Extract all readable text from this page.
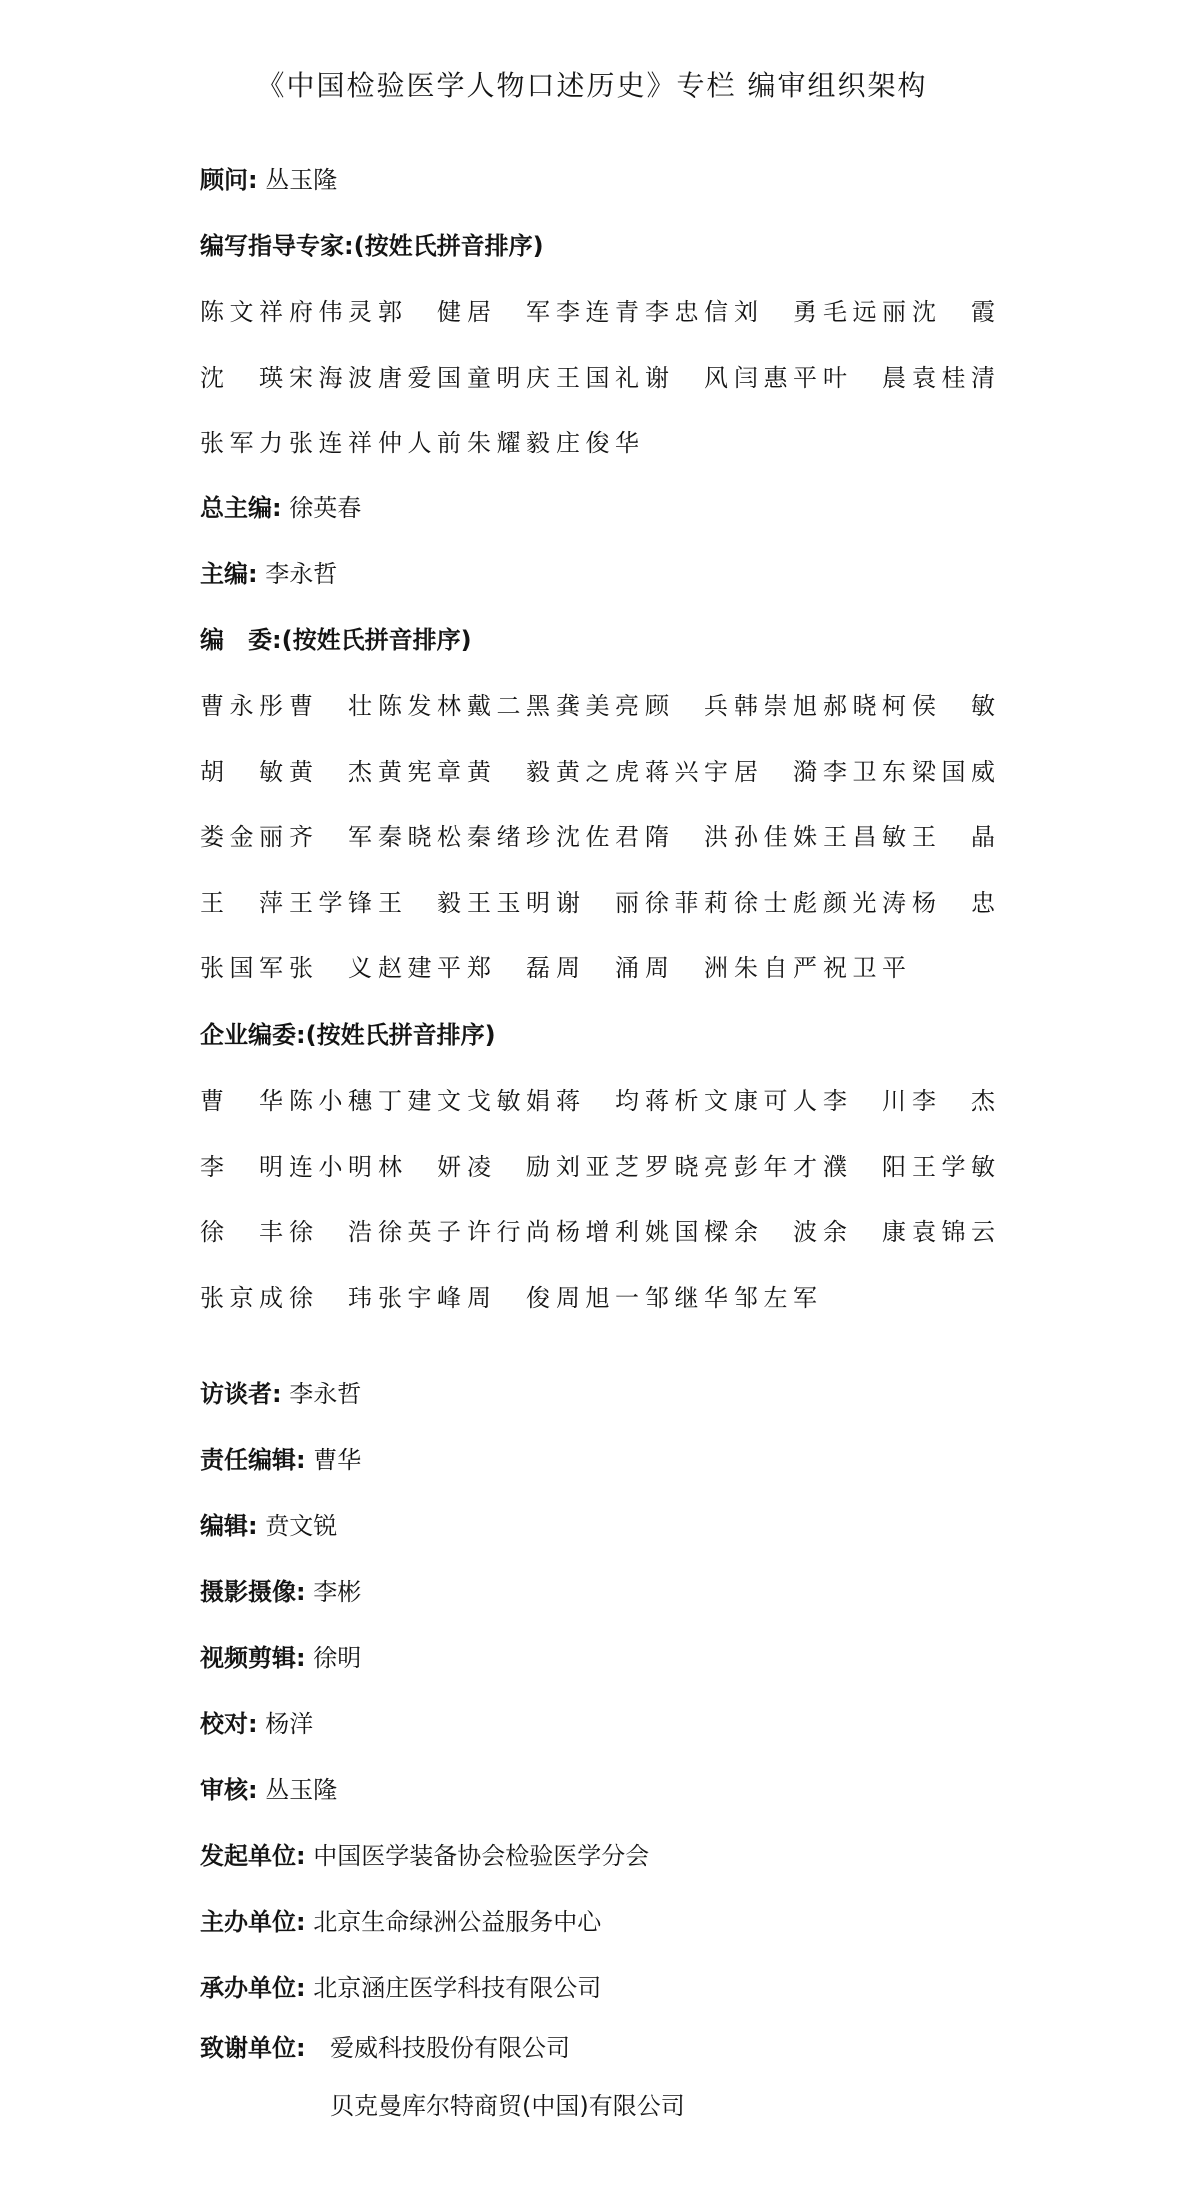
《中国检验医学人物口述历史》专栏 编审组织架构
顾问: 丛玉隆
编写指导专家:(按姓氏拼音排序)
陈文祥 府伟灵 郭　健 居　军 李连青 李忠信 刘　勇 毛远丽 沈　霞
沈　瑛 宋海波 唐爱国 童明庆 王国礼 谢　风 闫惠平 叶　晨 袁桂清
张军力 张连祥 仲人前 朱耀毅 庄俊华
总主编: 徐英春
主编: 李永哲
编　委:(按姓氏拼音排序)
曹永彤 曹　壮 陈发林 戴二黑 龚美亮 顾　兵 韩崇旭 郝晓柯 侯　敏
胡　敏 黄　杰 黄宪章 黄　毅 黄之虎 蒋兴宇 居　漪 李卫东 梁国威
娄金丽 齐　军 秦晓松 秦绪珍 沈佐君 隋　洪 孙佳姝 王昌敏 王　晶
王　萍 王学锋 王　毅 王玉明 谢　丽 徐菲莉 徐士彪 颜光涛 杨　忠
张国军 张　义 赵建平 郑　磊 周　涌 周　洲 朱自严 祝卫平
企业编委:(按姓氏拼音排序)
曹　华 陈小穗 丁建文 戈敏娟 蒋　均 蒋析文 康可人 李　川 李　杰
李　明 连小明 林　妍 凌　励 刘亚芝 罗晓亮 彭年才 濮　阳 王学敏
徐　丰 徐　浩 徐英子 许行尚 杨增利 姚国樑 余　波 余　康 袁锦云
张京成 徐　玮 张宇峰 周　俊 周旭一 邹继华 邹左军
访谈者: 李永哲
责任编辑: 曹华
编辑: 贲文锐
摄影摄像: 李彬
视频剪辑: 徐明
校对: 杨洋
审核: 丛玉隆
发起单位: 中国医学装备协会检验医学分会
主办单位: 北京生命绿洲公益服务中心
承办单位: 北京涵庄医学科技有限公司
致谢单位: 爱威科技股份有限公司
贝克曼库尔特商贸(中国)有限公司
